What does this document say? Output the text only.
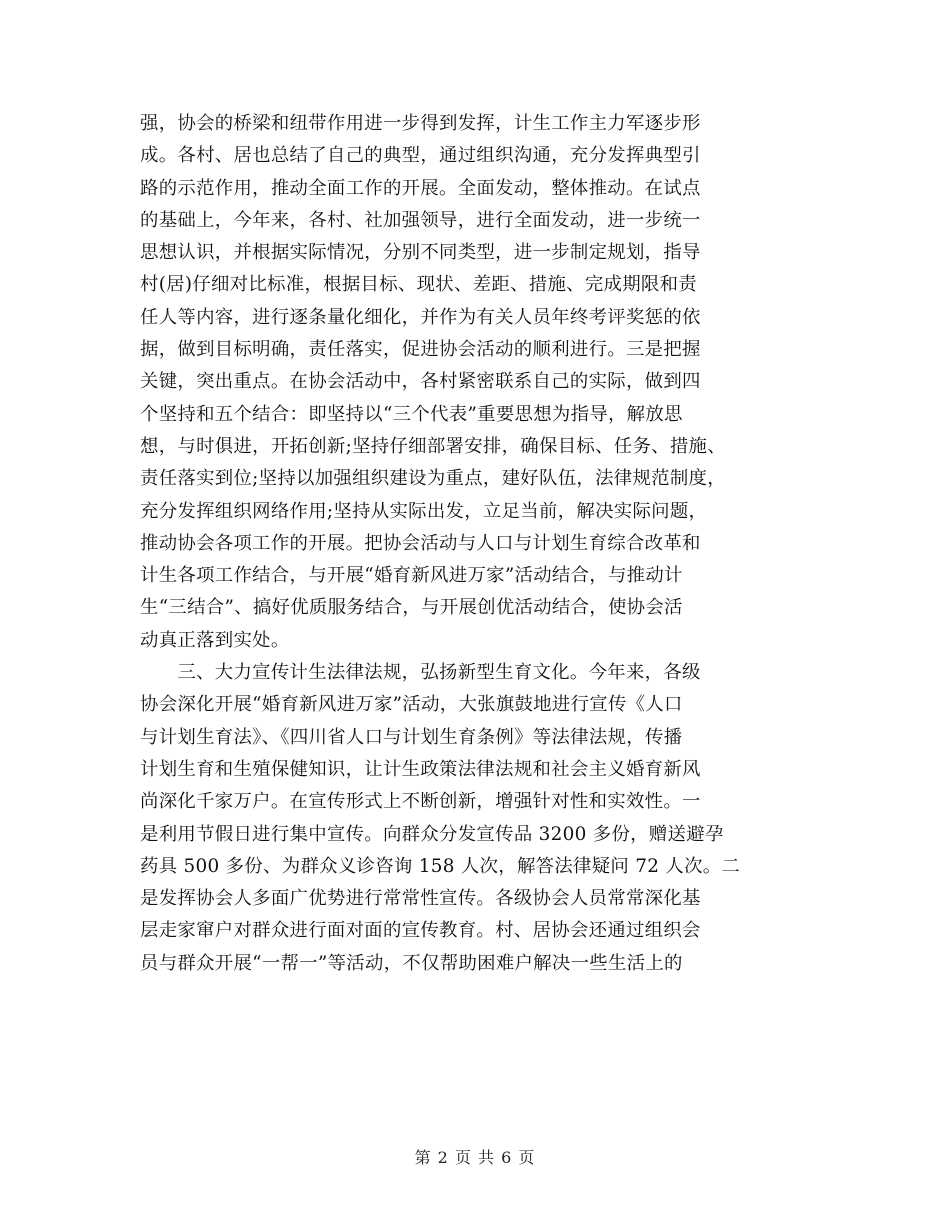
强，协会的桥梁和纽带作用进一步得到发挥，计生工作主力军逐步形
成。各村、居也总结了自己的典型，通过组织沟通，充分发挥典型引
路的示范作用，推动全面工作的开展。全面发动，整体推动。在试点
的基础上，今年来，各村、社加强领导，进行全面发动，进一步统一
思想认识，并根据实际情况，分别不同类型，进一步制定规划，指导
村(居)仔细对比标准，根据目标、现状、差距、措施、完成期限和责
任人等内容，进行逐条量化细化，并作为有关人员年终考评奖惩的依
据，做到目标明确，责任落实，促进协会活动的顺利进行。三是把握
关键，突出重点。在协会活动中，各村紧密联系自己的实际，做到四
个坚持和五个结合：即坚持以“三个代表”重要思想为指导，解放思
想，与时俱进，开拓创新;坚持仔细部署安排，确保目标、任务、措施、
责任落实到位;坚持以加强组织建设为重点，建好队伍，法律规范制度，
充分发挥组织网络作用;坚持从实际出发，立足当前，解决实际问题，
推动协会各项工作的开展。把协会活动与人口与计划生育综合改革和
计生各项工作结合，与开展“婚育新风进万家”活动结合，与推动计
生“三结合”、搞好优质服务结合，与开展创优活动结合，使协会活
动真正落到实处。
　　三、大力宣传计生法律法规，弘扬新型生育文化。今年来，各级
协会深化开展“婚育新风进万家”活动，大张旗鼓地进行宣传《人口
与计划生育法》、《四川省人口与计划生育条例》等法律法规，传播
计划生育和生殖保健知识，让计生政策法律法规和社会主义婚育新风
尚深化千家万户。在宣传形式上不断创新，增强针对性和实效性。一
是利用节假日进行集中宣传。向群众分发宣传品 3200 多份，赠送避孕
药具 500 多份、为群众义诊咨询 158 人次，解答法律疑问 72 人次。二
是发挥协会人多面广优势进行常常性宣传。各级协会人员常常深化基
层走家窜户对群众进行面对面的宣传教育。村、居协会还通过组织会
员与群众开展“一帮一”等活动，不仅帮助困难户解决一些生活上的
第 2 页 共 6 页
